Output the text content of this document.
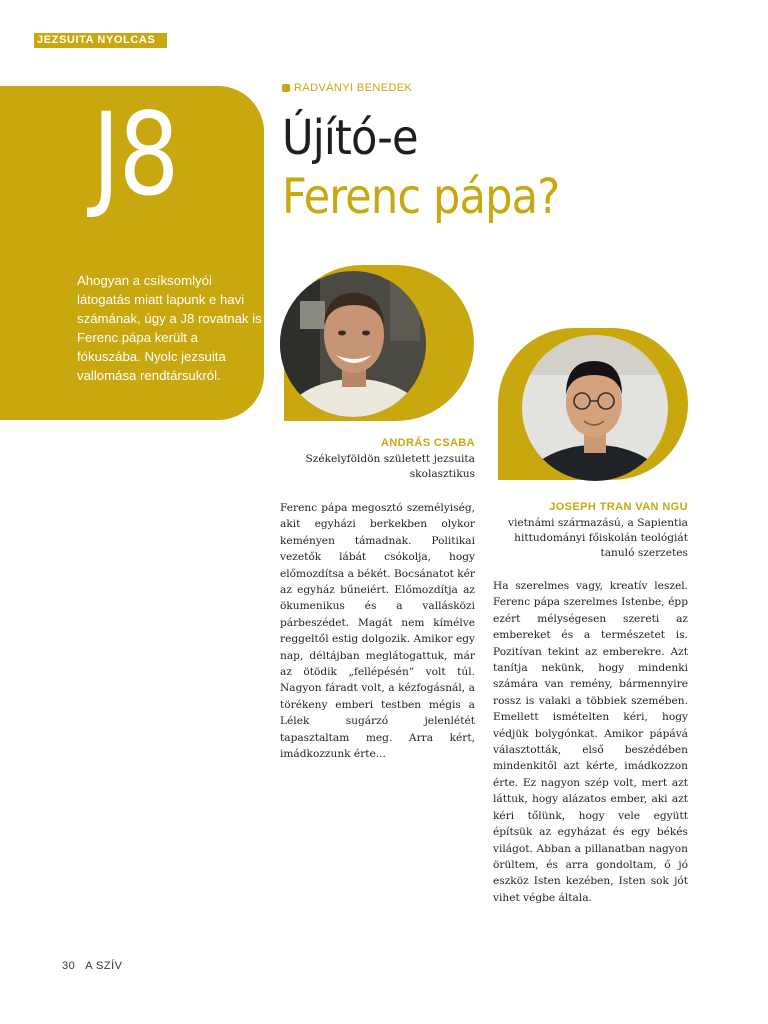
JEZSUITA NYOLCAS
J8
Ahogyan a csíksomlyói látogatás miatt lapunk e havi számának, úgy a J8 rovatnak is Ferenc pápa került a fókuszába. Nyolc jezsuita vallomása rendtársukról.
RADVÁNYI BENEDEK
Újító-e
Ferenc pápa?
ANDRÁS CSABA
Székelyföldön született jezsuita skolasztikus
Ferenc pápa megosztó személyiség, akit egyházi berkekben olykor keményen támadnak. Politikai vezetők lábát csókolja, hogy előmozdítsa a békét. Bocsánatot kér az egyház bűneiért. Előmozdítja az ökumenikus és a vallásközi párbeszédet. Magát nem kímélve reggeltől estig dolgozik. Amikor egy nap, déltájban meglátogattuk, már az ötödik „fellépésén” volt túl. Nagyon fáradt volt, a kézfogásnál, a törékeny emberi testben mégis a Lélek sugárzó jelenlétét tapasztaltam meg. Arra kért, imádkozzunk érte...
JOSEPH TRAN VAN NGU
vietnámi származású, a Sapientia hittudományi főiskolán teológiát tanuló szerzetes
Ha szerelmes vagy, kreatív leszel. Ferenc pápa szerelmes Istenbe, épp ezért mélységesen szereti az embereket és a természetet is. Pozitívan tekint az emberekre. Azt tanítja nekünk, hogy mindenki számára van remény, bármennyire rossz is valaki a többiek szemében. Emellett ismételten kéri, hogy védjük bolygónkat. Amikor pápává választották, első beszédében mindenkitől azt kérte, imádkozzon érte. Ez nagyon szép volt, mert azt láttuk, hogy alázatos ember, aki azt kéri tőlünk, hogy vele együtt építsük az egyházat és egy békés világot. Abban a pillanatban nagyon örültem, és arra gondoltam, ő jó eszköz Isten kezében, Isten sok jót vihet végbe általa.
30 A SZÍV
